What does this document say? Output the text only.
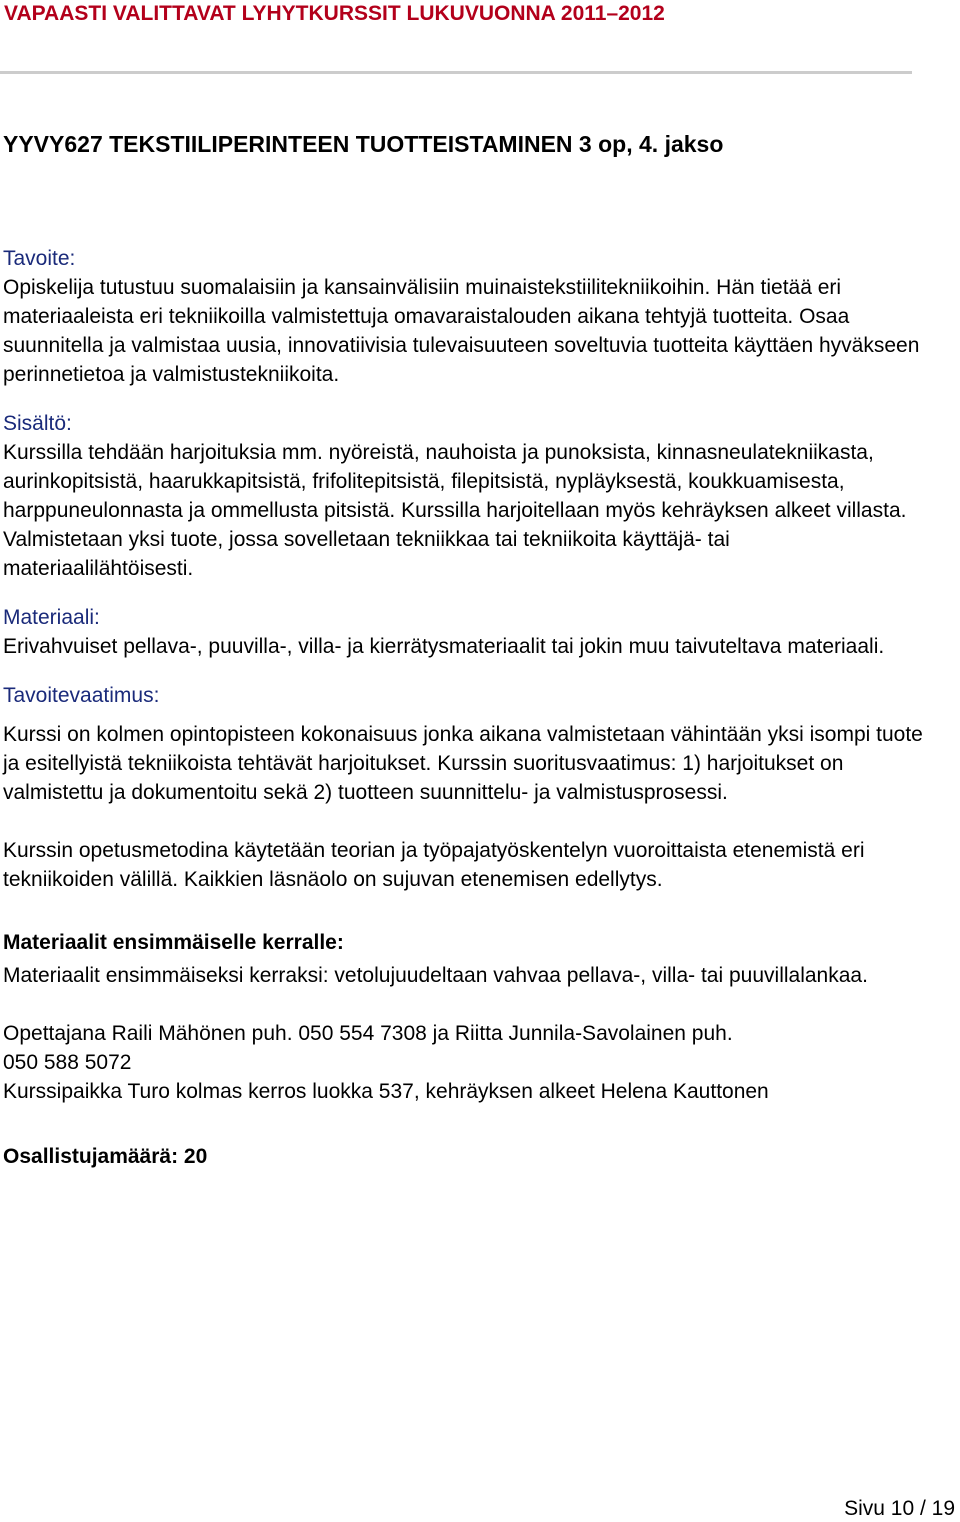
VAPAASTI VALITTAVAT LYHYTKURSSIT LUKUVUONNA 2011–2012

YYVY627 TEKSTIILIPERINTEEN TUOTTEISTAMINEN 3 op, 4. jakso

Tavoite:

Opiskelija tutustuu suomalaisiin ja kansainvälisiin muinaistekstiilitekniikoihin. Hän tietää eri materiaaleista eri tekniikoilla valmistettuja omavaraistalouden aikana tehtyjä tuotteita. Osaa suunnitella ja valmistaa uusia, innovatiivisia tulevaisuuteen soveltuvia tuotteita käyttäen hyväkseen perinnetietoa ja valmistustekniikoita.

Sisältö:

Kurssilla tehdään harjoituksia mm. nyöreistä, nauhoista ja punoksista, kinnasneulatekniikasta, aurinkopitsistä, haarukkapitsistä, frifolitepitsistä, filepitsistä, nypläyksestä, koukkuamisesta, harppuneulonnasta ja ommellusta pitsistä. Kurssilla harjoitellaan myös kehräyksen alkeet villasta. Valmistetaan yksi tuote, jossa sovelletaan tekniikkaa tai tekniikoita käyttäjä- tai materiaalilähtöisesti.

Materiaali:

Erivahvuiset pellava-, puuvilla-, villa- ja kierrätysmateriaalit tai jokin muu taivuteltava materiaali.

Tavoitevaatimus:

Kurssi on kolmen opintopisteen kokonaisuus jonka aikana valmistetaan vähintään yksi isompi tuote ja esitellyistä tekniikoista tehtävät harjoitukset. Kurssin suoritusvaatimus: 1) harjoitukset on valmistettu ja dokumentoitu sekä 2) tuotteen suunnittelu- ja valmistusprosessi.

Kurssin opetusmetodina käytetään teorian ja työpajatyöskentelyn vuoroittaista etenemistä eri tekniikoiden välillä. Kaikkien läsnäolo on sujuvan etenemisen edellytys.

Materiaalit ensimmäiselle kerralle:

Materiaalit ensimmäiseksi kerraksi: vetolujuudeltaan vahvaa pellava-, villa- tai puuvillalankaa.

Opettajana Raili Mähönen puh. 050 554 7308 ja Riitta Junnila-Savolainen puh.

050 588 5072

Kurssipaikka Turo kolmas kerros luokka 537, kehräyksen alkeet Helena Kauttonen

Osallistujamäärä: 20

Sivu 10 / 19
